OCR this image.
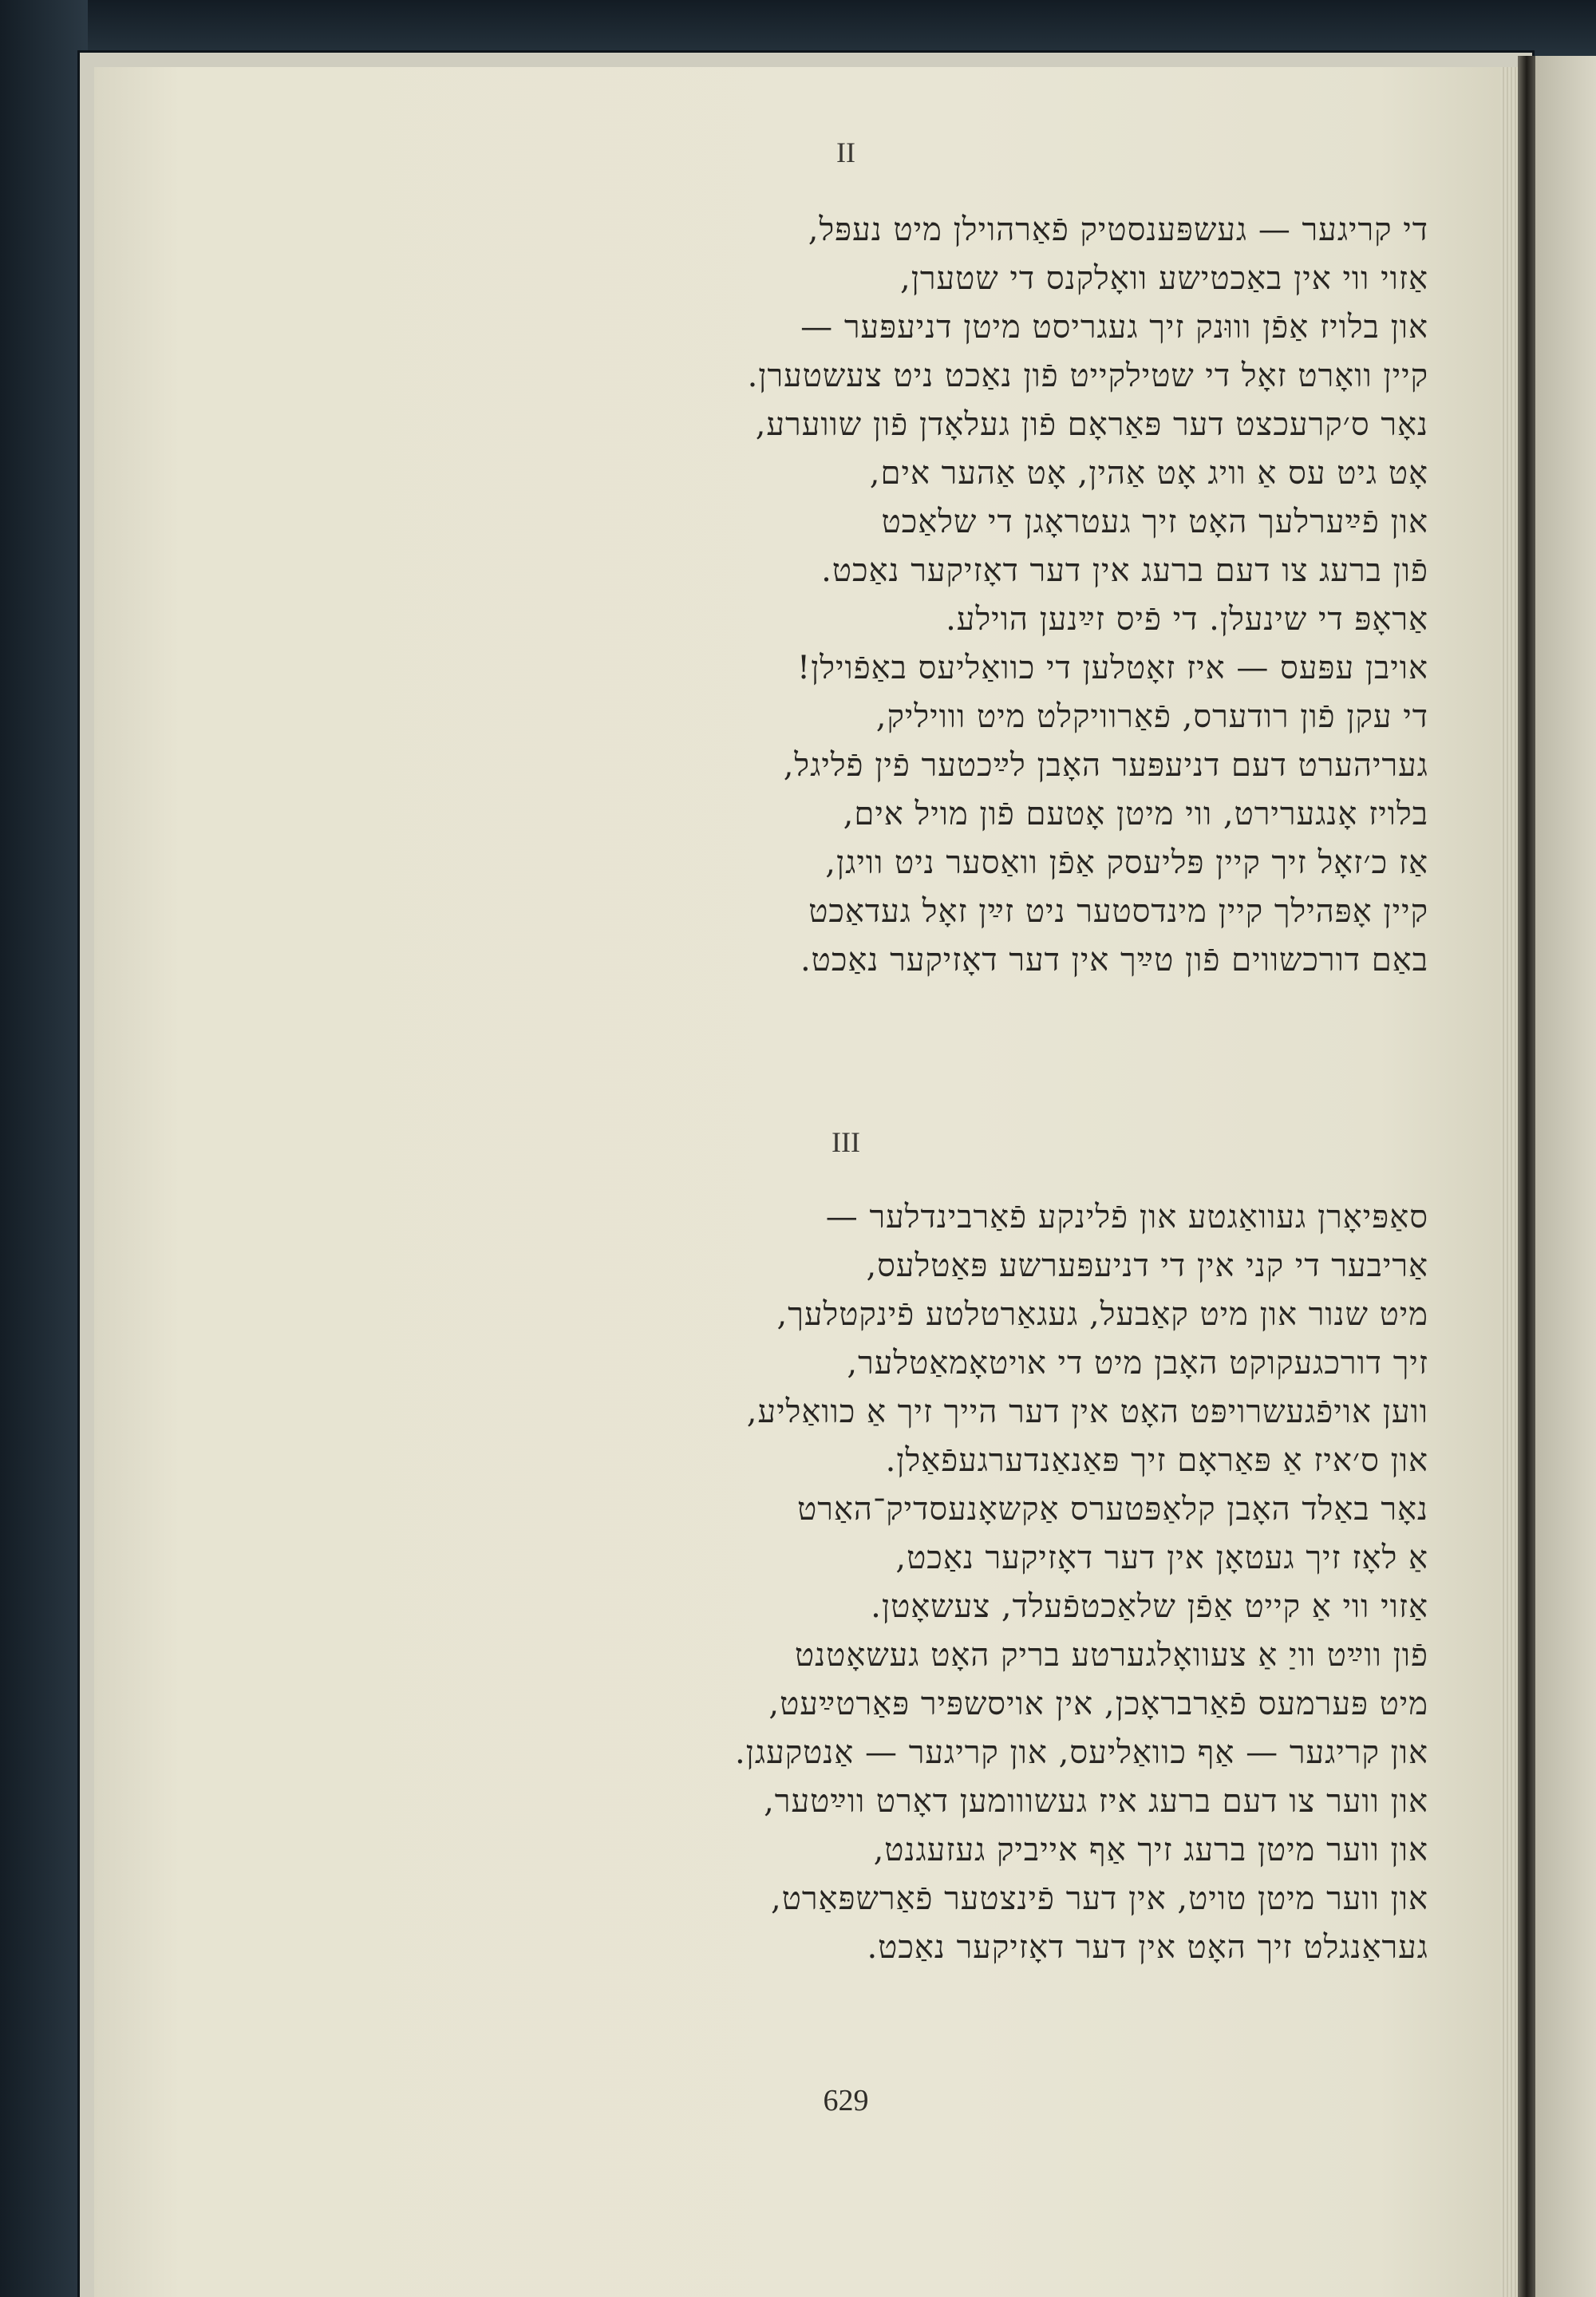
II
די קריגער — געשפּענסטיק פֿאַרהוילן מיט נעפּל,
אַזוי ווי אין באַכטישע וואָלקנס די שטערן,
און בלויז אַפֿן וווּנק זיך געגריסט מיטן דניעפּער —
קיין וואָרט זאָל די שטילקייט פֿון נאַכט ניט צעשטערן.
נאָר ס׳קרעכצט דער פּאַראָם פֿון געלאָדן פֿון שווערע,
אָט גיט עס אַ וויג אָט אַהין, אָט אַהער אים,
און פֿײַערלעך האָט זיך געטראָגן די שלאַכט
פֿון ברעג צו דעם ברעג אין דער דאָזיקער נאַכט.
אַראָפּ די שינעלן. די פֿיס זײַנען הוילע.
אויבן עפּעס — איז זאָטלען די כוואַליעס באַפֿוילן!
די עקן פֿון רודערס, פֿאַרוויקלט מיט ווויליק,
געריהערט דעם דניעפּער האָבן לײַכטער פֿין פֿליגל,
בלויז אָנגערירט, ווי מיטן אָטעם פֿון מויל אים,
אַז כ׳זאָל זיך קיין פּליעסק אַפֿן וואַסער ניט וויגן,
קיין אָפּהילך קיין מינדסטער ניט זײַן זאָל געדאַכט
באַם דורכשווים פֿון טײַך אין דער דאָזיקער נאַכט.
III
סאַפּיאָרן געוואַגטע און פֿלינקע פֿאַרבינדלער —
אַריבער די קני אין די דניעפּערשע פּאַטלעס,
מיט שנור און מיט קאַבעל, געגאַרטלטע פֿינקטלעך,
זיך דורכגעקוקט האָבן מיט די אויטאָמאַטלער,
ווען אויפֿגעשרויפּט האָט אין דער הייך זיך אַ כוואַליע,
און ס׳איז אַ פּאַראָם זיך פּאַנאַנדערגעפֿאַלן.
נאָר באַלד האָבן קלאַפּטערס אַקשאָנעסדיק־האַרט
אַ לאָז זיך געטאָן אין דער דאָזיקער נאַכט,
אַזוי ווי אַ קייט אַפֿן שלאַכטפֿעלד, צעשאָטן.
פֿון ווײַט וויַ אַ צעוואָלגערטע בריק האָט געשאָטנט
מיט פּערמעס פֿאַרבראָכן, אין אויסשפּיר פּאַרטײַעט,
און קריגער — אַף כוואַליעס, און קריגער — אַנטקעגן.
און ווער צו דעם ברעג איז געשווומען דאָרט ווײַטער,
און ווער מיטן ברעג זיך אַף אייביק געזעגנט,
און ווער מיטן טויט, אין דער פֿינצטער פֿאַרשפּאַרט,
געראַנגלט זיך האָט אין דער דאָזיקער נאַכט.
629
